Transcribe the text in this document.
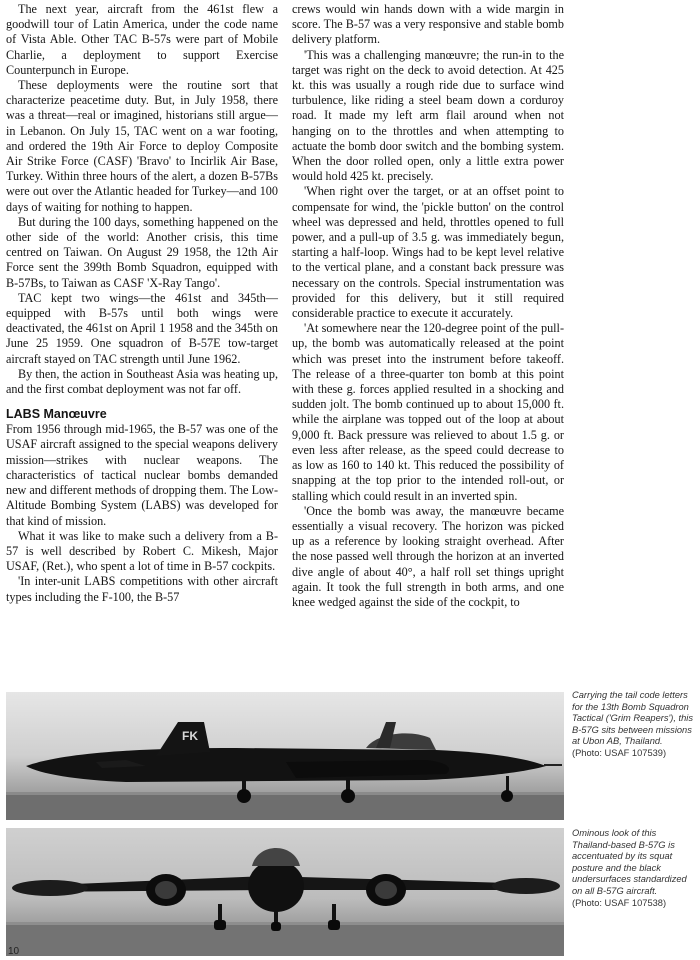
The next year, aircraft from the 461st flew a goodwill tour of Latin America, under the code name of Vista Able. Other TAC B-57s were part of Mobile Charlie, a deployment to support Exercise Counterpunch in Europe.

These deployments were the routine sort that characterize peacetime duty. But, in July 1958, there was a threat—real or imagined, historians still argue—in Lebanon. On July 15, TAC went on a war footing, and ordered the 19th Air Force to deploy Composite Air Strike Force (CASF) 'Bravo' to Incirlik Air Base, Turkey. Within three hours of the alert, a dozen B-57Bs were out over the Atlantic headed for Turkey—and 100 days of waiting for nothing to happen.

But during the 100 days, something happened on the other side of the world: Another crisis, this time centred on Taiwan. On August 29 1958, the 12th Air Force sent the 399th Bomb Squadron, equipped with B-57Bs, to Taiwan as CASF 'X-Ray Tango'.

TAC kept two wings—the 461st and 345th—equipped with B-57s until both wings were deactivated, the 461st on April 1 1958 and the 345th on June 25 1959. One squadron of B-57E tow-target aircraft stayed on TAC strength until June 1962.

By then, the action in Southeast Asia was heating up, and the first combat deployment was not far off.

LABS Manœuvre

From 1956 through mid-1965, the B-57 was one of the USAF aircraft assigned to the special weapons delivery mission—strikes with nuclear weapons. The characteristics of tactical nuclear bombs demanded new and different methods of dropping them. The Low-Altitude Bombing System (LABS) was developed for that kind of mission.

What it was like to make such a delivery from a B-57 is well described by Robert C. Mikesh, Major USAF, (Ret.), who spent a lot of time in B-57 cockpits.

'In inter-unit LABS competitions with other aircraft types including the F-100, the B-57

crews would win hands down with a wide margin in score. The B-57 was a very responsive and stable bomb delivery platform.

'This was a challenging manœuvre; the run-in to the target was right on the deck to avoid detection. At 425 kt. this was usually a rough ride due to surface wind turbulence, like riding a steel beam down a corduroy road. It made my left arm flail around when not hanging on to the throttles and when attempting to actuate the bomb door switch and the bombing system. When the door rolled open, only a little extra power would hold 425 kt. precisely.

'When right over the target, or at an offset point to compensate for wind, the 'pickle button' on the control wheel was depressed and held, throttles opened to full power, and a pull-up of 3.5 g. was immediately begun, starting a half-loop. Wings had to be kept level relative to the vertical plane, and a constant back pressure was necessary on the controls. Special instrumentation was provided for this delivery, but it still required considerable practice to execute it accurately.

'At somewhere near the 120-degree point of the pull-up, the bomb was automatically released at the point which was preset into the instrument before takeoff. The release of a three-quarter ton bomb at this point with these g. forces applied resulted in a shocking and sudden jolt. The bomb continued up to about 15,000 ft. while the airplane was topped out of the loop at about 9,000 ft. Back pressure was relieved to about 1.5 g. or even less after release, as the speed could decrease to as low as 160 to 140 kt. This reduced the possibility of snapping at the top prior to the intended roll-out, or stalling which could result in an inverted spin.

'Once the bomb was away, the manœuvre became essentially a visual recovery. The horizon was picked up as a reference by looking straight overhead. After the nose passed well through the horizon at an inverted dive angle of about 40°, a half roll set things upright again. It took the full strength in both arms, and one knee wedged against the side of the cockpit, to

FK
Carrying the tail code letters for the 13th Bomb Squadron Tactical ('Grim Reapers'), this B-57G sits between missions at Ubon AB, Thailand.
(Photo: USAF 107539)
Ominous look of this Thailand-based B-57G is accentuated by its squat posture and the black undersurfaces standardized on all B-57G aircraft.
(Photo: USAF 107538)
10
